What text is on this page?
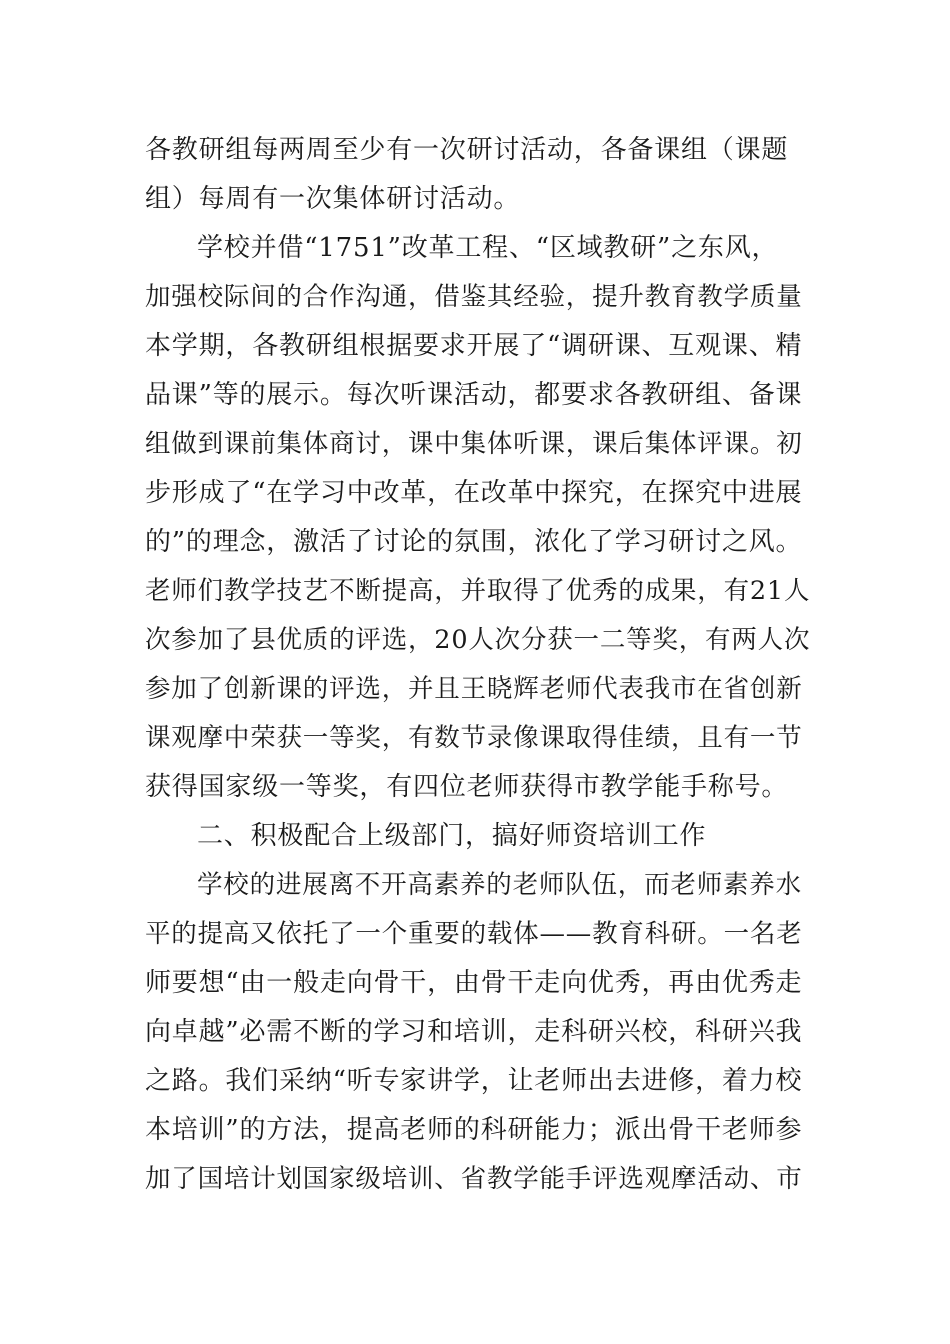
各教研组每两周至少有一次研讨活动，各备课组（课题
组）每周有一次集体研讨活动。
学校并借“1751”改革工程、“区域教研”之东风，
加强校际间的合作沟通，借鉴其经验，提升教育教学质量
本学期，各教研组根据要求开展了“调研课、互观课、精
品课”等的展示。每次听课活动，都要求各教研组、备课
组做到课前集体商讨，课中集体听课，课后集体评课。初
步形成了“在学习中改革，在改革中探究，在探究中进展
的”的理念，激活了讨论的氛围，浓化了学习研讨之风。
老师们教学技艺不断提高，并取得了优秀的成果，有21人
次参加了县优质的评选，20人次分获一二等奖，有两人次
参加了创新课的评选，并且王晓辉老师代表我市在省创新
课观摩中荣获一等奖，有数节录像课取得佳绩，且有一节
获得国家级一等奖，有四位老师获得市教学能手称号。
二、积极配合上级部门，搞好师资培训工作
学校的进展离不开高素养的老师队伍，而老师素养水
平的提高又依托了一个重要的载体——教育科研。一名老
师要想“由一般走向骨干，由骨干走向优秀，再由优秀走
向卓越”必需不断的学习和培训，走科研兴校，科研兴我
之路。我们采纳“听专家讲学，让老师出去进修，着力校
本培训”的方法，提高老师的科研能力；派出骨干老师参
加了国培计划国家级培训、省教学能手评选观摩活动、市
